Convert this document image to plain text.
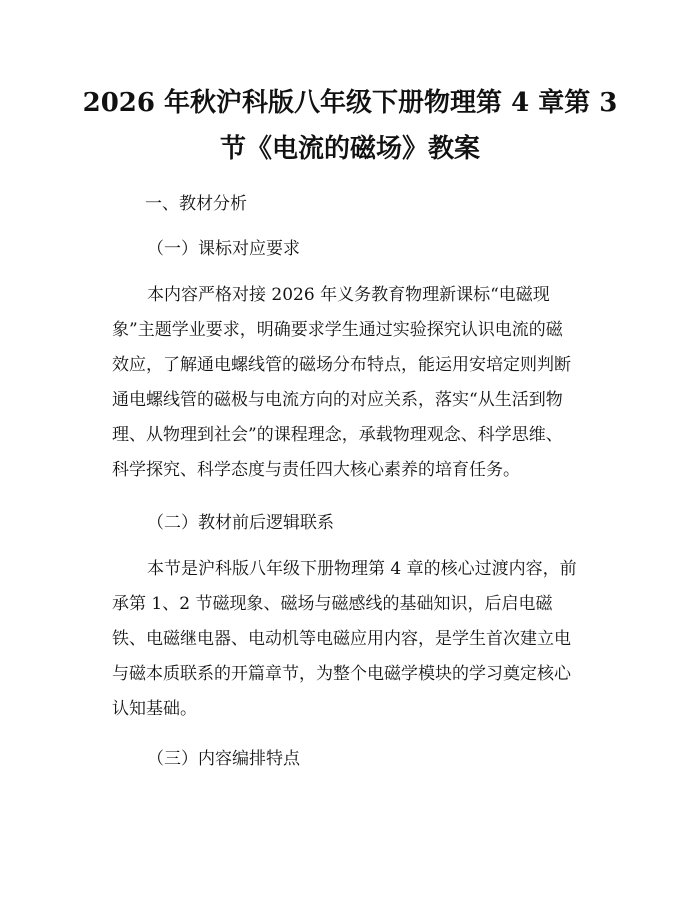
2026 年秋沪科版八年级下册物理第 4 章第 3
节《电流的磁场》教案
一、教材分析
（一）课标对应要求
本内容严格对接 2026 年义务教育物理新课标“电磁现
象”主题学业要求，明确要求学生通过实验探究认识电流的磁
效应，了解通电螺线管的磁场分布特点，能运用安培定则判断
通电螺线管的磁极与电流方向的对应关系，落实“从生活到物
理、从物理到社会”的课程理念，承载物理观念、科学思维、
科学探究、科学态度与责任四大核心素养的培育任务。
（二）教材前后逻辑联系
本节是沪科版八年级下册物理第 4 章的核心过渡内容，前
承第 1、2 节磁现象、磁场与磁感线的基础知识，后启电磁
铁、电磁继电器、电动机等电磁应用内容，是学生首次建立电
与磁本质联系的开篇章节，为整个电磁学模块的学习奠定核心
认知基础。
（三）内容编排特点
